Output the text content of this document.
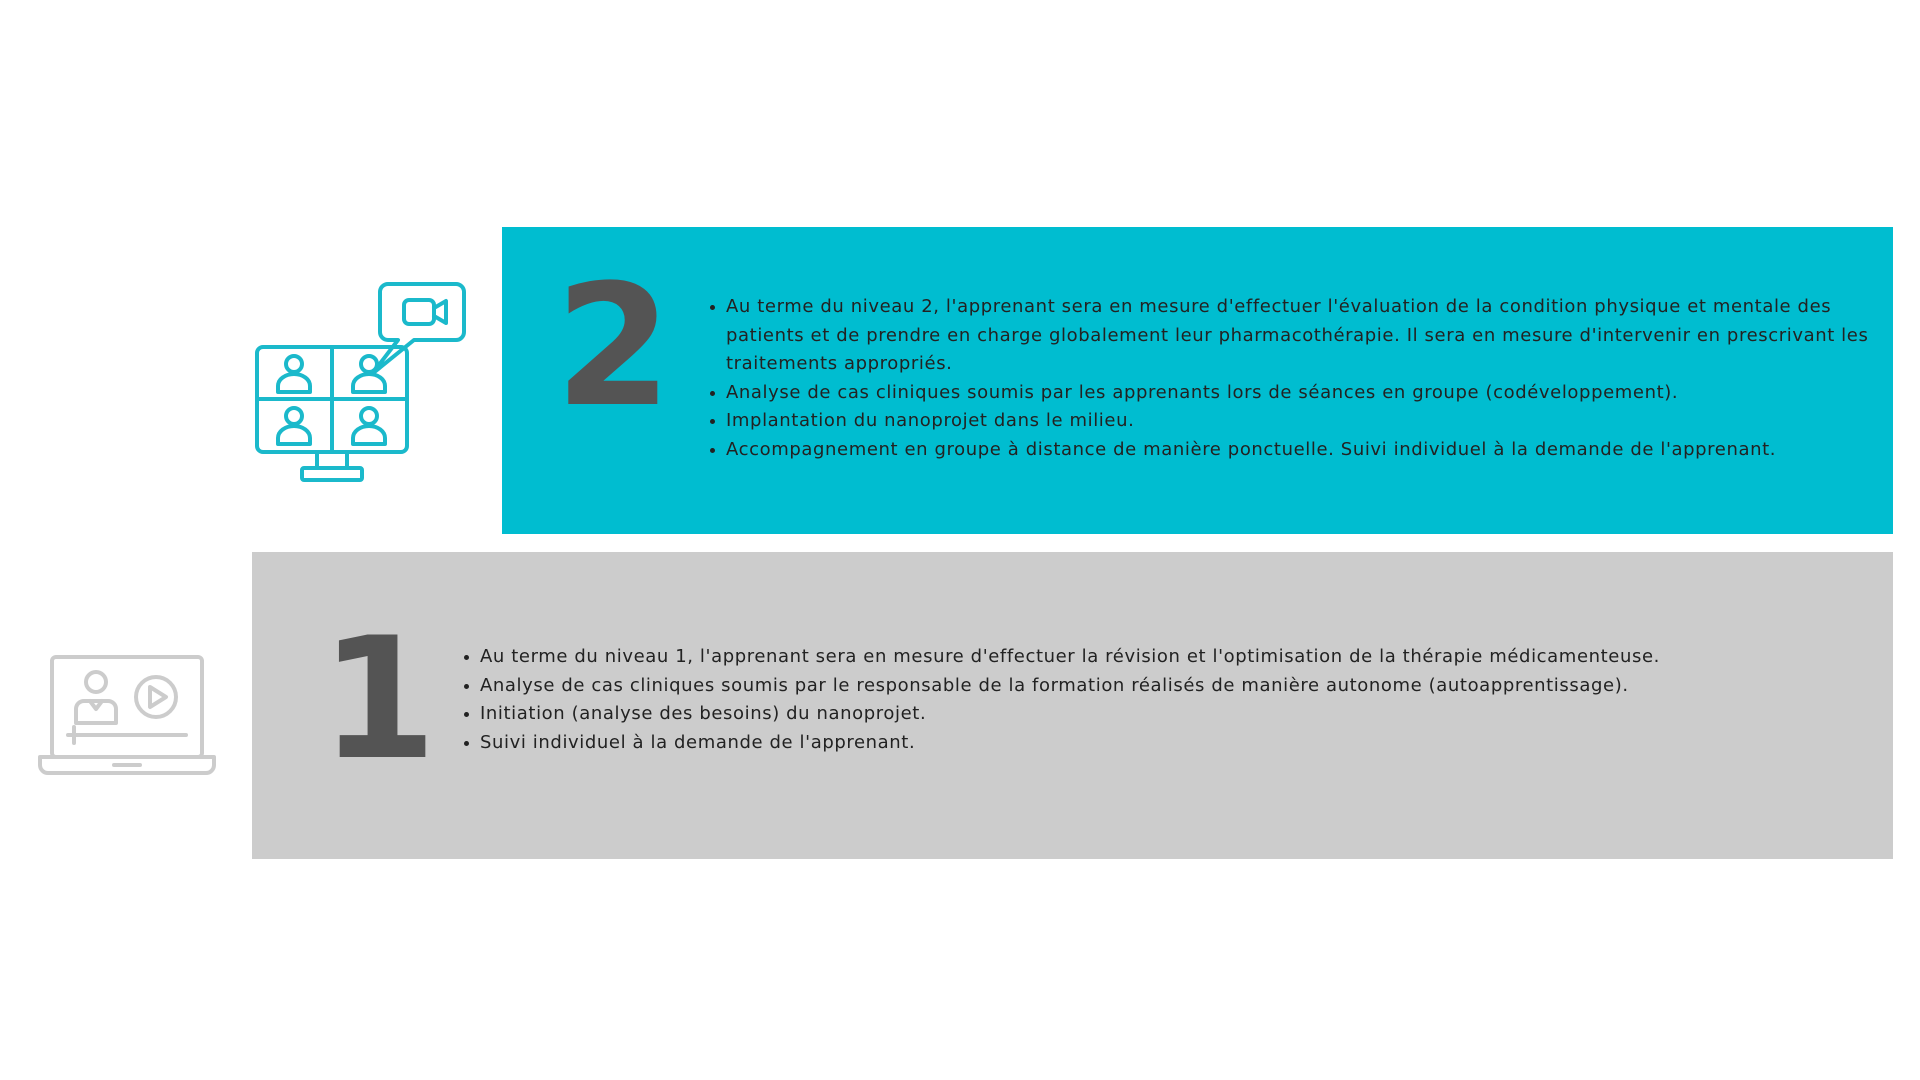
2	Au terme du niveau 2, l'apprenant sera en mesure d'effectuer l'évaluation de la condition physique et mentale des patients et de prendre en charge globalement leur pharmacothérapie. Il sera en mesure d'intervenir en prescrivant les traitements appropriés.
Analyse de cas cliniques soumis par les apprenants lors de séances en groupe (codéveloppement).
Implantation du nanoprojet dans le milieu.
Accompagnement en groupe à distance de manière ponctuelle. Suivi individuel à la demande de l'apprenant.
1 Au terme du niveau 1, l'apprenant sera en mesure d'effectuer la révision et l'optimisation de la thérapie médicamenteuse.
Analyse de cas cliniques soumis par le responsable de la formation réalisés de manière autonome (autoapprentissage).
Initiation (analyse des besoins) du nanoprojet.
Suivi individuel à la demande de l'apprenant.
